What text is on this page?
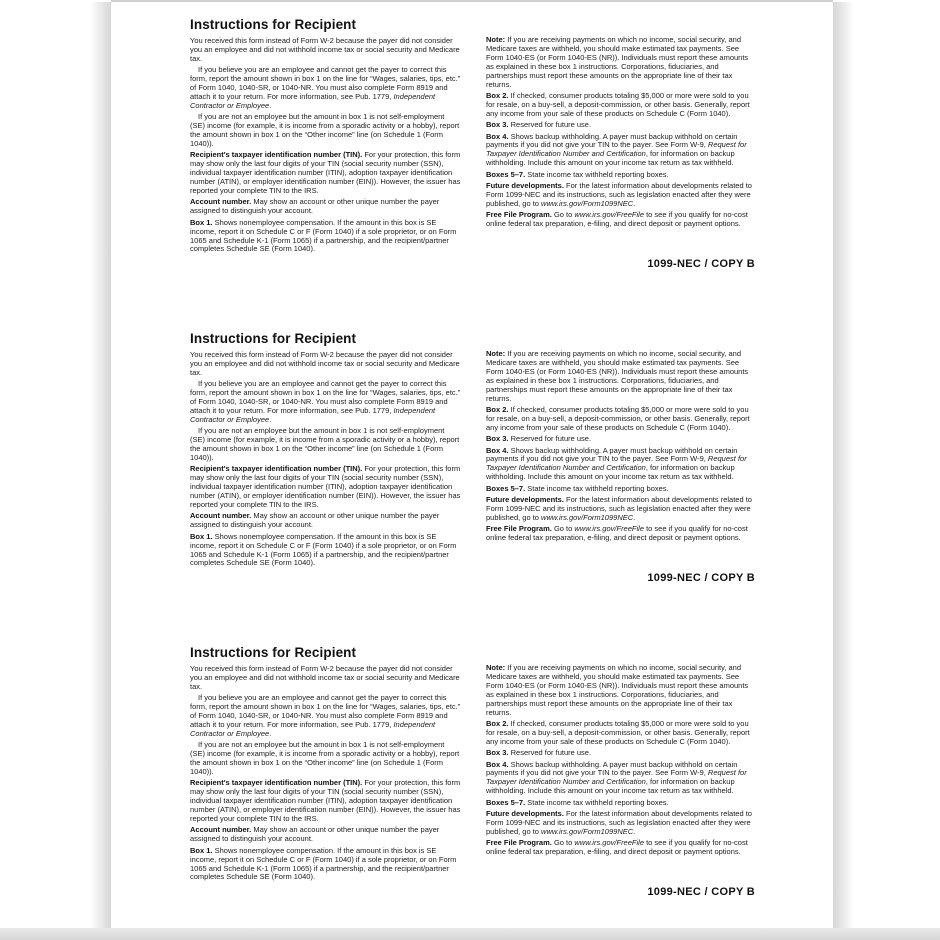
Instructions for Recipient

You received this form instead of Form W-2 because the payer did not consider you an employee and did not withhold income tax or social security and Medicare tax.

If you believe you are an employee and cannot get the payer to correct this form, report the amount shown in box 1 on the line for “Wages, salaries, tips, etc.” of Form 1040, 1040-SR, or 1040-NR. You must also complete Form 8919 and attach it to your return. For more information, see Pub. 1779, Independent Contractor or Employee.

If you are not an employee but the amount in box 1 is not self-employment (SE) income (for example, it is income from a sporadic activity or a hobby), report the amount shown in box 1 on the “Other income” line (on Schedule 1 (Form 1040)).

Recipient's taxpayer identification number (TIN). For your protection, this form may show only the last four digits of your TIN (social security number (SSN), individual taxpayer identification number (ITIN), adoption taxpayer identification number (ATIN), or employer identification number (EIN)). However, the issuer has reported your complete TIN to the IRS.

Account number. May show an account or other unique number the payer assigned to distinguish your account.

Box 1. Shows nonemployee compensation. If the amount in this box is SE income, report it on Schedule C or F (Form 1040) if a sole proprietor, or on Form 1065 and Schedule K-1 (Form 1065) if a partnership, and the recipient/partner completes Schedule SE (Form 1040).

Note: If you are receiving payments on which no income, social security, and Medicare taxes are withheld, you should make estimated tax payments. See Form 1040-ES (or Form 1040-ES (NR)). Individuals must report these amounts as explained in these box 1 instructions. Corporations, fiduciaries, and partnerships must report these amounts on the appropriate line of their tax returns.

Box 2. If checked, consumer products totaling $5,000 or more were sold to you for resale, on a buy-sell, a deposit-commission, or other basis. Generally, report any income from your sale of these products on Schedule C (Form 1040).

Box 3. Reserved for future use.

Box 4. Shows backup withholding. A payer must backup withhold on certain payments if you did not give your TIN to the payer. See Form W-9, Request for Taxpayer Identification Number and Certification, for information on backup withholding. Include this amount on your income tax return as tax withheld.

Boxes 5–7. State income tax withheld reporting boxes.

Future developments. For the latest information about developments related to Form 1099-NEC and its instructions, such as legislation enacted after they were published, go to www.irs.gov/Form1099NEC.

Free File Program. Go to www.irs.gov/FreeFile to see if you qualify for no-cost online federal tax preparation, e-filing, and direct deposit or payment options.

1099-NEC / COPY B
Instructions for Recipient

You received this form instead of Form W-2 because the payer did not consider you an employee and did not withhold income tax or social security and Medicare tax.

If you believe you are an employee and cannot get the payer to correct this form, report the amount shown in box 1 on the line for “Wages, salaries, tips, etc.” of Form 1040, 1040-SR, or 1040-NR. You must also complete Form 8919 and attach it to your return. For more information, see Pub. 1779, Independent Contractor or Employee.

If you are not an employee but the amount in box 1 is not self-employment (SE) income (for example, it is income from a sporadic activity or a hobby), report the amount shown in box 1 on the “Other income” line (on Schedule 1 (Form 1040)).

Recipient's taxpayer identification number (TIN). For your protection, this form may show only the last four digits of your TIN (social security number (SSN), individual taxpayer identification number (ITIN), adoption taxpayer identification number (ATIN), or employer identification number (EIN)). However, the issuer has reported your complete TIN to the IRS.

Account number. May show an account or other unique number the payer assigned to distinguish your account.

Box 1. Shows nonemployee compensation. If the amount in this box is SE income, report it on Schedule C or F (Form 1040) if a sole proprietor, or on Form 1065 and Schedule K-1 (Form 1065) if a partnership, and the recipient/partner completes Schedule SE (Form 1040).

Note: If you are receiving payments on which no income, social security, and Medicare taxes are withheld, you should make estimated tax payments. See Form 1040-ES (or Form 1040-ES (NR)). Individuals must report these amounts as explained in these box 1 instructions. Corporations, fiduciaries, and partnerships must report these amounts on the appropriate line of their tax returns.

Box 2. If checked, consumer products totaling $5,000 or more were sold to you for resale, on a buy-sell, a deposit-commission, or other basis. Generally, report any income from your sale of these products on Schedule C (Form 1040).

Box 3. Reserved for future use.

Box 4. Shows backup withholding. A payer must backup withhold on certain payments if you did not give your TIN to the payer. See Form W-9, Request for Taxpayer Identification Number and Certification, for information on backup withholding. Include this amount on your income tax return as tax withheld.

Boxes 5–7. State income tax withheld reporting boxes.

Future developments. For the latest information about developments related to Form 1099-NEC and its instructions, such as legislation enacted after they were published, go to www.irs.gov/Form1099NEC.

Free File Program. Go to www.irs.gov/FreeFile to see if you qualify for no-cost online federal tax preparation, e-filing, and direct deposit or payment options.

1099-NEC / COPY B
Instructions for Recipient

You received this form instead of Form W-2 because the payer did not consider you an employee and did not withhold income tax or social security and Medicare tax.

If you believe you are an employee and cannot get the payer to correct this form, report the amount shown in box 1 on the line for “Wages, salaries, tips, etc.” of Form 1040, 1040-SR, or 1040-NR. You must also complete Form 8919 and attach it to your return. For more information, see Pub. 1779, Independent Contractor or Employee.

If you are not an employee but the amount in box 1 is not self-employment (SE) income (for example, it is income from a sporadic activity or a hobby), report the amount shown in box 1 on the “Other income” line (on Schedule 1 (Form 1040)).

Recipient's taxpayer identification number (TIN). For your protection, this form may show only the last four digits of your TIN (social security number (SSN), individual taxpayer identification number (ITIN), adoption taxpayer identification number (ATIN), or employer identification number (EIN)). However, the issuer has reported your complete TIN to the IRS.

Account number. May show an account or other unique number the payer assigned to distinguish your account.

Box 1. Shows nonemployee compensation. If the amount in this box is SE income, report it on Schedule C or F (Form 1040) if a sole proprietor, or on Form 1065 and Schedule K-1 (Form 1065) if a partnership, and the recipient/partner completes Schedule SE (Form 1040).

Note: If you are receiving payments on which no income, social security, and Medicare taxes are withheld, you should make estimated tax payments. See Form 1040-ES (or Form 1040-ES (NR)). Individuals must report these amounts as explained in these box 1 instructions. Corporations, fiduciaries, and partnerships must report these amounts on the appropriate line of their tax returns.

Box 2. If checked, consumer products totaling $5,000 or more were sold to you for resale, on a buy-sell, a deposit-commission, or other basis. Generally, report any income from your sale of these products on Schedule C (Form 1040).

Box 3. Reserved for future use.

Box 4. Shows backup withholding. A payer must backup withhold on certain payments if you did not give your TIN to the payer. See Form W-9, Request for Taxpayer Identification Number and Certification, for information on backup withholding. Include this amount on your income tax return as tax withheld.

Boxes 5–7. State income tax withheld reporting boxes.

Future developments. For the latest information about developments related to Form 1099-NEC and its instructions, such as legislation enacted after they were published, go to www.irs.gov/Form1099NEC.

Free File Program. Go to www.irs.gov/FreeFile to see if you qualify for no-cost online federal tax preparation, e-filing, and direct deposit or payment options.

1099-NEC / COPY B
